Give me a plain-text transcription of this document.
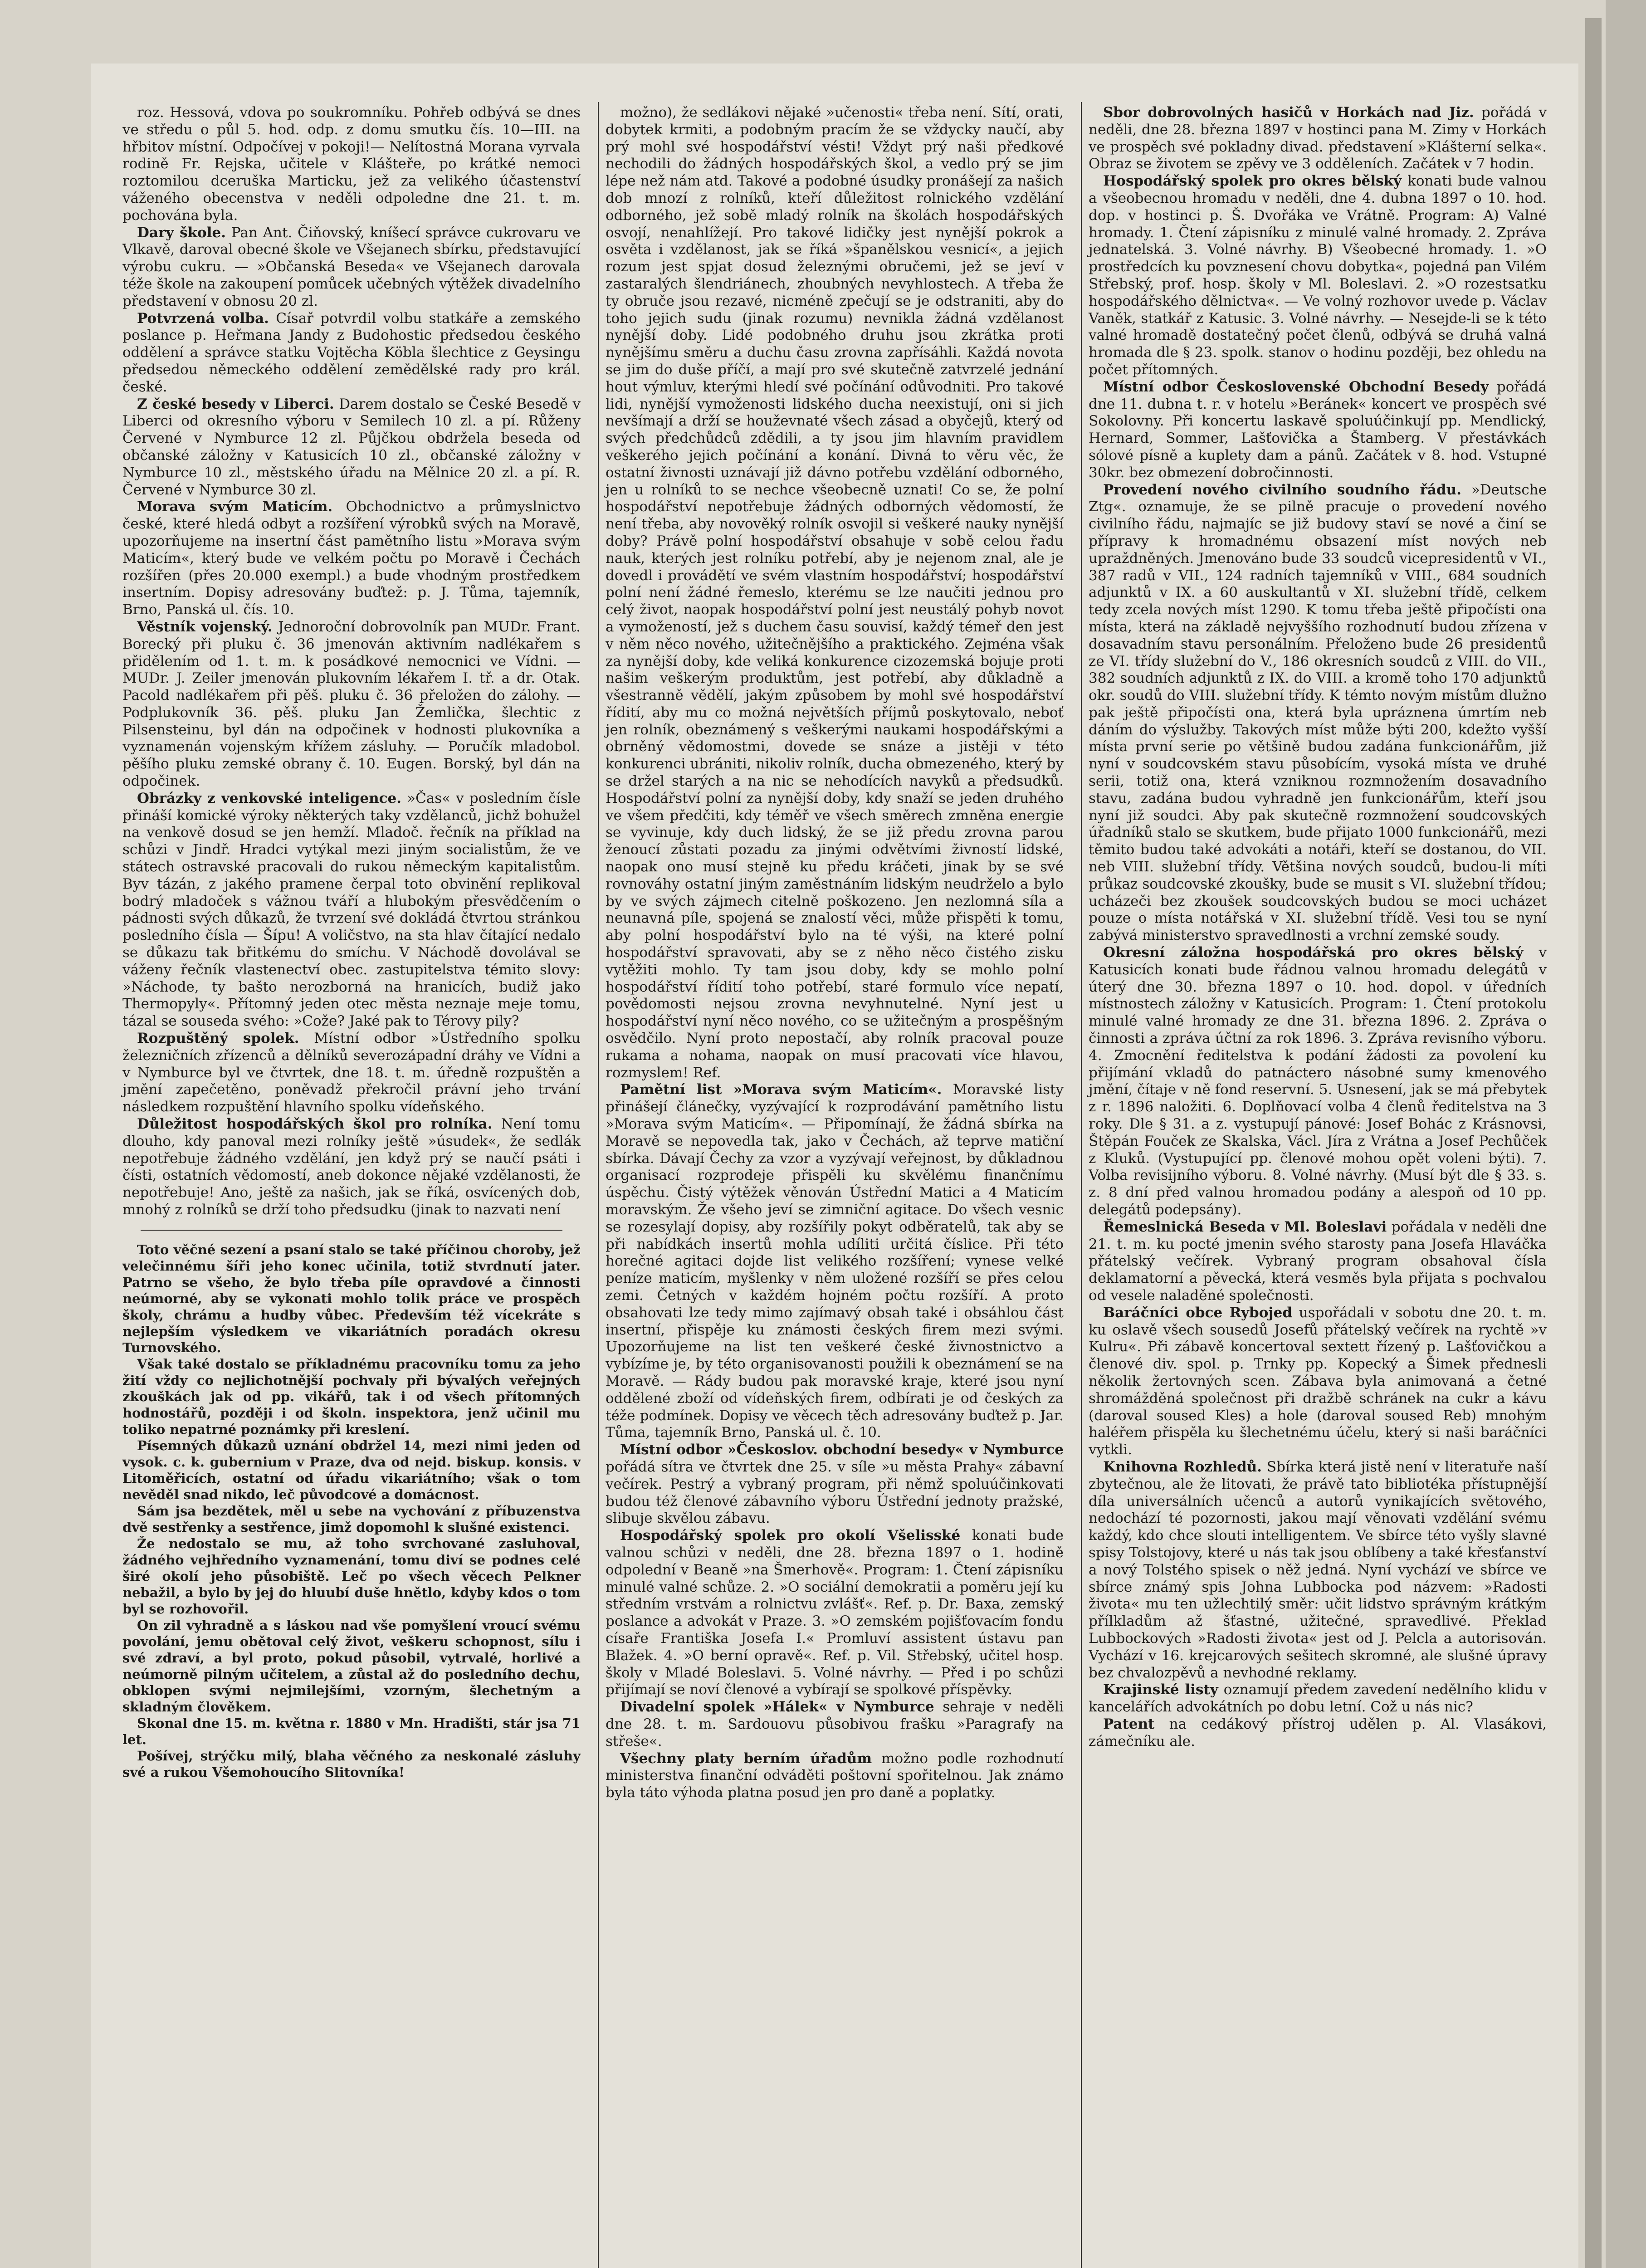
roz. Hessová, vdova po soukromníku. Pohřeb odbývá se dnes ve středu o půl 5. hod. odp. z domu smutku čís. 10—III. na hřbitov místní. Odpočívej v pokoji!— Nelítostná Morana vyrvala rodině Fr. Rejska, učitele v Klášteře, po krátké nemoci roztomilou dceruška Marticku, jež za velikého účastenství váženého obecenstva v neděli odpoledne dne 21. t. m. pochována byla.

Dary škole. Pan Ant. Čiňovský, kníšecí správce cukrovaru ve Vlkavě, daroval obecné škole ve Všejanech sbírku, představující výrobu cukru. — »Občanská Beseda« ve Všejanech darovala téže škole na zakoupení pomůcek učebných výtěžek divadelního představení v obnosu 20 zl.

Potvrzená volba. Císař potvrdil volbu statkáře a zemského poslance p. Heřmana Jandy z Budohostic předsedou českého oddělení a správce statku Vojtěcha Köbla šlechtice z Geysingu předsedou německého oddělení zemědělské rady pro král. české.

Z české besedy v Liberci. Darem dostalo se České Besedě v Liberci od okresního výboru v Semilech 10 zl. a pí. Růženy Červené v Nymburce 12 zl. Půjčkou obdržela beseda od občanské záložny v Katusicích 10 zl., občanské záložny v Nymburce 10 zl., městského úřadu na Mělnice 20 zl. a pí. R. Červené v Nymburce 30 zl.

Morava svým Maticím. Obchodnictvo a průmyslnictvo české, které hledá odbyt a rozšíření výrobků svých na Moravě, upozorňujeme na insertní část pamětního listu »Morava svým Maticím«, který bude ve velkém počtu po Moravě i Čechách rozšířen (přes 20.000 exempl.) a bude vhodným prostředkem insertním. Dopisy adresovány buďtež: p. J. Tůma, tajemník, Brno, Panská ul. čís. 10.

Věstník vojenský. Jednoroční dobrovolník pan MUDr. Frant. Borecký při pluku č. 36 jmenován aktivním nadlékařem s přidělením od 1. t. m. k posádkové nemocnici ve Vídni. — MUDr. J. Zeiler jmenován plukovním lékařem I. tř. a dr. Otak. Pacold nadlékařem při pěš. pluku č. 36 přeložen do zálohy. — Podplukovník 36. pěš. pluku Jan Žemlička, šlechtic z Pilsensteinu, byl dán na odpočinek v hodnosti plukovníka a vyznamenán vojenským křížem zásluhy. — Poručík mladobol. pěšího pluku zemské obrany č. 10. Eugen. Borský, byl dán na odpočinek.

Obrázky z venkovské inteligence. »Čas« v posledním čísle přináší komické výroky některých taky vzdělanců, jichž bohužel na venkově dosud se jen hemží. Mladoč. řečník na příklad na schůzi v Jindř. Hradci vytýkal mezi jiným socialistům, že ve státech ostravské pracovali do rukou německým kapitalistům. Byv tázán, z jakého pramene čerpal toto obvinění replikoval bodrý mladoček s vážnou tváří a hlubokým přesvědčením o pádnosti svých důkazů, že tvrzení své dokládá čtvrtou stránkou posledního čísla — Šípu! A voličstvo, na sta hlav čítající nedalo se důkazu tak břitkému do smíchu. V Náchodě dovolával se váženy řečník vlastenectví obec. zastupitelstva témito slovy: »Náchode, ty bašto nerozborná na hranicích, budiž jako Thermopyly«. Přítomný jeden otec města neznaje meje tomu, tázal se souseda svého: »Cože? Jaké pak to Térovy pily?

Rozpuštěný spolek. Místní odbor »Ústředního spolku železničních zřízenců a dělníků severozápadní dráhy ve Vídni a v Nymburce byl ve čtvrtek, dne 18. t. m. úředně rozpuštěn a jmění zapečetěno, poněvadž překročil právní jeho trvání následkem rozpuštění hlavního spolku vídeňského.

Důležitost hospodářských škol pro rolníka. Není tomu dlouho, kdy panoval mezi rolníky ještě »úsudek«, že sedlák nepotřebuje žádného vzdělání, jen když prý se naučí psáti i čísti, ostatních vědomostí, aneb dokonce nějaké vzdělanosti, že nepotřebuje! Ano, ještě za našich, jak se říká, osvícených dob, mnohý z rolníků se drží toho předsudku (jinak to nazvati není

Toto věčné sezení a psaní stalo se také příčinou choroby, jež velečinnému šíři jeho konec učinila, totiž stvrdnutí jater. Patrno se všeho, že bylo třeba píle opravdové a činnosti neúmorné, aby se vykonati mohlo tolik práce ve prospěch školy, chrámu a hudby vůbec. Především též vícekráte s nejlepším výsledkem ve vikariátních poradách okresu Turnovského.

Však také dostalo se příkladnému pracovníku tomu za jeho žití vždy co nejlichotnější pochvaly při bývalých veřejných zkouškách jak od pp. vikářů, tak i od všech přítomných hodnostářů, později i od školn. inspektora, jenž učinil mu toliko nepatrné poznámky při kreslení.

Písemných důkazů uznání obdržel 14, mezi nimi jeden od vysok. c. k. gubernium v Praze, dva od nejd. biskup. konsis. v Litoměřicích, ostatní od úřadu vikariátního; však o tom nevěděl snad nikdo, leč původcové a domácnost.

Sám jsa bezdětek, měl u sebe na vychování z příbuzenstva dvě sestřenky a sestřence, jimž dopomohl k slušné existenci.

Že nedostalo se mu, až toho svrchované zasluhoval, žádného vejhředního vyznamenání, tomu diví se podnes celé širé okolí jeho působiště. Leč po všech věcech Pelkner nebažil, a bylo by jej do hluubí duše hnětlo, kdyby kdos o tom byl se rozhovořil.

On zil vyhradně a s láskou nad vše pomyšlení vroucí svému povolání, jemu obětoval celý život, veškeru schopnost, sílu i své zdraví, a byl proto, pokud působil, vytrvalé, horlivé a neúmorně pilným učitelem, a zůstal až do posledního dechu, obklopen svými nejmilejšími, vzorným, šlechetným a skladným člověkem.

Skonal dne 15. m. května r. 1880 v Mn. Hradišti, stár jsa 71 let.

Pošívej, strýčku milý, blaha věčného za neskonalé zásluhy své a rukou Všemohoucího Slitovníka!

možno), že sedlákovi nějaké »učenosti« třeba není. Sítí, orati, dobytek krmiti, a podobným pracím že se vždycky naučí, aby prý mohl své hospodářství vésti! Vždyt prý naši předkové nechodili do žádných hospodářských škol, a vedlo prý se jim lépe než nám atd. Takové a podobné úsudky pronášejí za našich dob mnozí z rolníků, kteří důležitost rolnického vzdělání odborného, jež sobě mladý rolník na školách hospodářských osvojí, nenahlížejí. Pro takové lidičky jest nynější pokrok a osvěta i vzdělanost, jak se říká »španělskou vesnicí«, a jejich rozum jest spjat dosud železnými obručemi, jež se jeví v zastaralých šlendriánech, zhoubných nevyhlostech. A třeba že ty obruče jsou rezavé, nicméně zpečují se je odstraniti, aby do toho jejich sudu (jinak rozumu) nevnikla žádná vzdělanost nynější doby. Lidé podobného druhu jsou zkrátka proti nynějšímu směru a duchu času zrovna zapřísáhli. Každá novota se jim do duše příčí, a mají pro své skutečně zatvrzelé jednání hout výmluv, kterými hledí své počínání odůvodniti. Pro takové lidi, nynější vymoženosti lidského ducha neexistují, oni si jich nevšímají a drží se houževnaté všech zásad a obyčejů, který od svých předchůdců zdědili, a ty jsou jim hlavním pravidlem veškerého jejich počínání a konání. Divná to věru věc, že ostatní živnosti uznávají již dávno potřebu vzdělání odborného, jen u rolníků to se nechce všeobecně uznati! Co se, že polní hospodářství nepotřebuje žádných odborných vědomostí, že není třeba, aby novověký rolník osvojil si veškeré nauky nynější doby? Právě polní hospodářství obsahuje v sobě celou řadu nauk, kterých jest rolníku potřebí, aby je nejenom znal, ale je dovedl i provádětí ve svém vlastním hospodářství; hospodářství polní není žádné řemeslo, kterému se lze naučiti jednou pro celý život, naopak hospodářství polní jest neustálý pohyb novot a vymožeností, jež s duchem času souvisí, každý témeř den jest v něm něco nového, užitečnějšího a praktického. Zejména však za nynější doby, kde veliká konkurence cizozemská bojuje proti našim veškerým produktům, jest potřebí, aby důkladně a všestranně vědělí, jakým způsobem by mohl své hospodářství řídití, aby mu co možná největších příjmů poskytovalo, neboť jen rolník, obeznámený s veškerými naukami hospodářskými a obrněný vědomostmi, dovede se snáze a jistěji v této konkurenci ubrániti, nikoliv rolník, ducha obmezeného, který by se držel starých a na nic se nehodících navyků a předsudků. Hospodářství polní za nynější doby, kdy snaží se jeden druhého ve všem předčiti, kdy téměř ve všech směrech zmněna energie se vyvinuje, kdy duch lidský, že se již předu zrovna parou ženoucí zůstati pozadu za jinými odvětvími živností lidské, naopak ono musí stejně ku předu kráčeti, jinak by se své rovnováhy ostatní jiným zaměstnáním lidským neudrželo a bylo by ve svých zájmech citelně poškozeno. Jen nezlomná síla a neunavná píle, spojená se znalostí věci, může přispěti k tomu, aby polní hospodářství bylo na té výši, na které polní hospodářství spravovati, aby se z něho něco čistého zisku vytěžiti mohlo. Ty tam jsou doby, kdy se mohlo polní hospodářství řídití toho potřebí, staré formulo více nepatí, povědomosti nejsou zrovna nevyhnutelné. Nyní jest u hospodářství nyní něco nového, co se užitečným a prospěšným osvědčilo. Nyní proto nepostačí, aby rolník pracoval pouze rukama a nohama, naopak on musí pracovati více hlavou, rozmyslem! Ref.

Pamětní list »Morava svým Maticím«. Moravské listy přinášejí článečky, vyzývající k rozprodávání pamětního listu »Morava svým Maticím«. — Připomínají, že žádná sbírka na Moravě se nepovedla tak, jako v Čechách, až teprve matiční sbírka. Dávají Čechy za vzor a vyzývají veřejnost, by důkladnou organisací rozprodeje přispěli ku skvělému finančnímu úspěchu. Čistý výtěžek věnován Ústřední Matici a 4 Maticím moravským. Že všeho jeví se zimniční agitace. Do všech vesnic se rozesylají dopisy, aby rozšířily pokyt odběratelů, tak aby se při nabídkách insertů mohla udíliti určitá číslice. Při této horečné agitaci dojde list velikého rozšíření; vynese velké peníze maticím, myšlenky v něm uložené rozšíří se přes celou zemi. Četných v každém hojném počtu rozšíří. A proto obsahovati lze tedy mimo zajímavý obsah také i obsáhlou část insertní, přispěje ku známosti českých firem mezi svými. Upozorňujeme na list ten veškeré české živnostnictvo a vybízíme je, by této organisovanosti použili k obeznámení se na Moravě. — Rády budou pak moravské kraje, které jsou nyní oddělené zboží od vídeňských firem, odbírati je od českých za téže podmínek. Dopisy ve věcech těch adresovány buďtež p. Jar. Tůma, tajemník Brno, Panská ul. č. 10.

Místní odbor »Českoslov. obchodní besedy« v Nymburce pořádá sítra ve čtvrtek dne 25. v síle »u města Prahy« zábavní večírek. Pestrý a vybraný program, při němž spoluúčinkovati budou též členové zábavního výboru Ústřední jednoty pražské, slibuje skvělou zábavu.

Hospodářský spolek pro okolí Všelisské konati bude valnou schůzi v neděli, dne 28. března 1897 o 1. hodině odpolední v Beaně »na Šmerhově«. Program: 1. Čtení zápisníku minulé valné schůze. 2. »O sociální demokratii a poměru její ku středním vrstvám a rolnictvu zvlášť«. Ref. p. Dr. Baxa, zemský poslance a advokát v Praze. 3. »O zemském pojišťovacím fondu císaře Františka Josefa I.« Promluví assistent ústavu pan Blažek. 4. »O berní opravě«. Ref. p. Vil. Střebský, učitel hosp. školy v Mladé Boleslavi. 5. Volné návrhy. — Před i po schůzi přijímají se noví členové a vybírají se spolkové příspěvky.

Divadelní spolek »Hálek« v Nymburce sehraje v neděli dne 28. t. m. Sardouovu působivou frašku »Paragrafy na střeše«.

Všechny platy berním úřadům možno podle rozhodnutí ministerstva finanční odváděti poštovní spořitelnou. Jak známo byla táto výhoda platna posud jen pro daně a poplatky.

Sbor dobrovolných hasičů v Horkách nad Jiz. pořádá v neděli, dne 28. března 1897 v hostinci pana M. Zimy v Horkách ve prospěch své pokladny divad. představení »Klášterní selka«. Obraz se životem se zpěvy ve 3 odděleních. Začátek v 7 hodin.

Hospodářský spolek pro okres bělský konati bude valnou a všeobecnou hromadu v neděli, dne 4. dubna 1897 o 10. hod. dop. v hostinci p. Š. Dvořáka ve Vrátně. Program: A) Valné hromady. 1. Čtení zápisníku z minulé valné hromady. 2. Zpráva jednatelská. 3. Volné návrhy. B) Všeobecné hromady. 1. »O prostředcích ku povznesení chovu dobytka«, pojedná pan Vilém Střebský, prof. hosp. školy v Ml. Boleslavi. 2. »O rozestsatku hospodářského dělnictva«. — Ve volný rozhovor uvede p. Václav Vaněk, statkář z Katusic. 3. Volné návrhy. — Nesejde-li se k této valné hromadě dostatečný počet členů, odbývá se druhá valná hromada dle § 23. spolk. stanov o hodinu později, bez ohledu na počet přítomných.

Místní odbor Československé Obchodní Besedy pořádá dne 11. dubna t. r. v hotelu »Beránek« koncert ve prospěch své Sokolovny. Při koncertu laskavě spoluúčinkují pp. Mendlický, Hernard, Sommer, Lašťovička a Štamberg. V přestávkách sólové písně a kuplety dam a pánů. Začátek v 8. hod. Vstupné 30kr. bez obmezení dobročinnosti.

Provedení nového civilního soudního řádu. »Deutsche Ztg«. oznamuje, že se pilně pracuje o provedení nového civilního řádu, najmajíc se již budovy staví se nové a činí se přípravy k hromadnému obsazení míst nových neb upraždněných. Jmenováno bude 33 soudců vicepresidentů v VI., 387 radů v VII., 124 radních tajemníků v VIII., 684 soudních adjunktů v IX. a 60 auskultantů v XI. služební třídě, celkem tedy zcela nových míst 1290. K tomu třeba ještě připočísti ona místa, která na základě nejvyššího rozhodnutí budou zřízena v dosavadním stavu personálním. Přeloženo bude 26 presidentů ze VI. třídy služební do V., 186 okresních soudců z VIII. do VII., 382 soudních adjunktů z IX. do VIII. a kromě toho 170 adjunktů okr. soudů do VIII. služební třídy. K témto novým místům dlužno pak ještě připočísti ona, která byla upráznena úmrtím neb dáním do výslužby. Takových míst může býti 200, kdežto vyšší místa první serie po většině budou zadána funkcionářům, již nyní v soudcovském stavu působícím, vysoká místa ve druhé serii, totiž ona, která vzniknou rozmnožením dosavadního stavu, zadána budou vyhradně jen funkcionářům, kteří jsou nyní již soudci. Aby pak skutečně rozmnožení soudcovských úřadníků stalo se skutkem, bude přijato 1000 funkcionářů, mezi těmito budou také advokáti a notáři, kteří se dostanou, do VII. neb VIII. služební třídy. Většina nových soudců, budou-li míti průkaz soudcovské zkoušky, bude se musit s VI. služební třídou; ucházeči bez zkoušek soudcovských budou se moci ucházet pouze o místa notářská v XI. služební třídě. Vesi tou se nyní zabývá ministerstvo spravedlnosti a vrchní zemské soudy.

Okresní záložna hospodářská pro okres bělský v Katusicích konati bude řádnou valnou hromadu delegátů v úterý dne 30. března 1897 o 10. hod. dopol. v úředních místnostech záložny v Katusicích. Program: 1. Čtení protokolu minulé valné hromady ze dne 31. března 1896. 2. Zpráva o činnosti a zpráva účtní za rok 1896. 3. Zpráva revisního výboru. 4. Zmocnění ředitelstva k podání žádosti za povolení ku přijímání vkladů do patnáctero násobné sumy kmenového jmění, čítaje v ně fond reservní. 5. Usnesení, jak se má přebytek z r. 1896 naložiti. 6. Doplňovací volba 4 členů ředitelstva na 3 roky. Dle § 31. a z. vystupují pánové: Josef Bohác z Krásnovsi, Štěpán Fouček ze Skalska, Václ. Jíra z Vrátna a Josef Pechůček z Kluků. (Vystupující pp. členové mohou opět voleni býti). 7. Volba revisijního výboru. 8. Volné návrhy. (Musí být dle § 33. s. z. 8 dní před valnou hromadou podány a alespoň od 10 pp. delegátů podepsány).

Řemeslnická Beseda v Ml. Boleslavi pořádala v neděli dne 21. t. m. ku pocté jmenin svého starosty pana Josefa Hlaváčka přátelský večírek. Vybraný program obsahoval čísla deklamatorní a pěvecká, která vesměs byla přijata s pochvalou od vesele naladěné společnosti.

Baráčníci obce Rybojed uspořádali v sobotu dne 20. t. m. ku oslavě všech sousedů Josefů přátelský večírek na rychtě »v Kulru«. Při zábavě koncertoval sextett řízený p. Lašťovičkou a členové div. spol. p. Trnky pp. Kopecký a Šimek přednesli několik žertovných scen. Zábava byla animovaná a četné shromážděná společnost při dražbě schránek na cukr a kávu (daroval soused Kles) a hole (daroval soused Reb) mnohým haléřem přispěla ku šlechetnému účelu, který si naši baráčníci vytkli.

Knihovna Rozhledů. Sbírka která jistě není v literatuře naší zbytečnou, ale že litovati, že právě tato bibliotéka přístupnější díla universálních učenců a autorů vynikajících světového, nedochází té pozornosti, jakou mají věnovati vzdělání svému každý, kdo chce slouti intelligentem. Ve sbírce této vyšly slavné spisy Tolstojovy, které u nás tak jsou oblíbeny a také křesťanství a nový Tolstého spisek o něž jedná. Nyní vychází ve sbírce ve sbírce známý spis Johna Lubbocka pod názvem: »Radosti života« mu ten užlechtilý směr: učit lidstvo správným krátkým přílkladům až šťastné, užitečné, spravedlivé. Překlad Lubbockových »Radosti života« jest od J. Pelcla a autorisován. Vychází v 16. krejcarových sešitech skromné, ale slušné úpravy bez chvalozpěvů a nevhodné reklamy.

Krajinské listy oznamují předem zavedení nedělního klidu v kancelářích advokátních po dobu letní. Což u nás nic?

Patent na cedákový přístroj udělen p. Al. Vlasákovi, zámečníku ale.
